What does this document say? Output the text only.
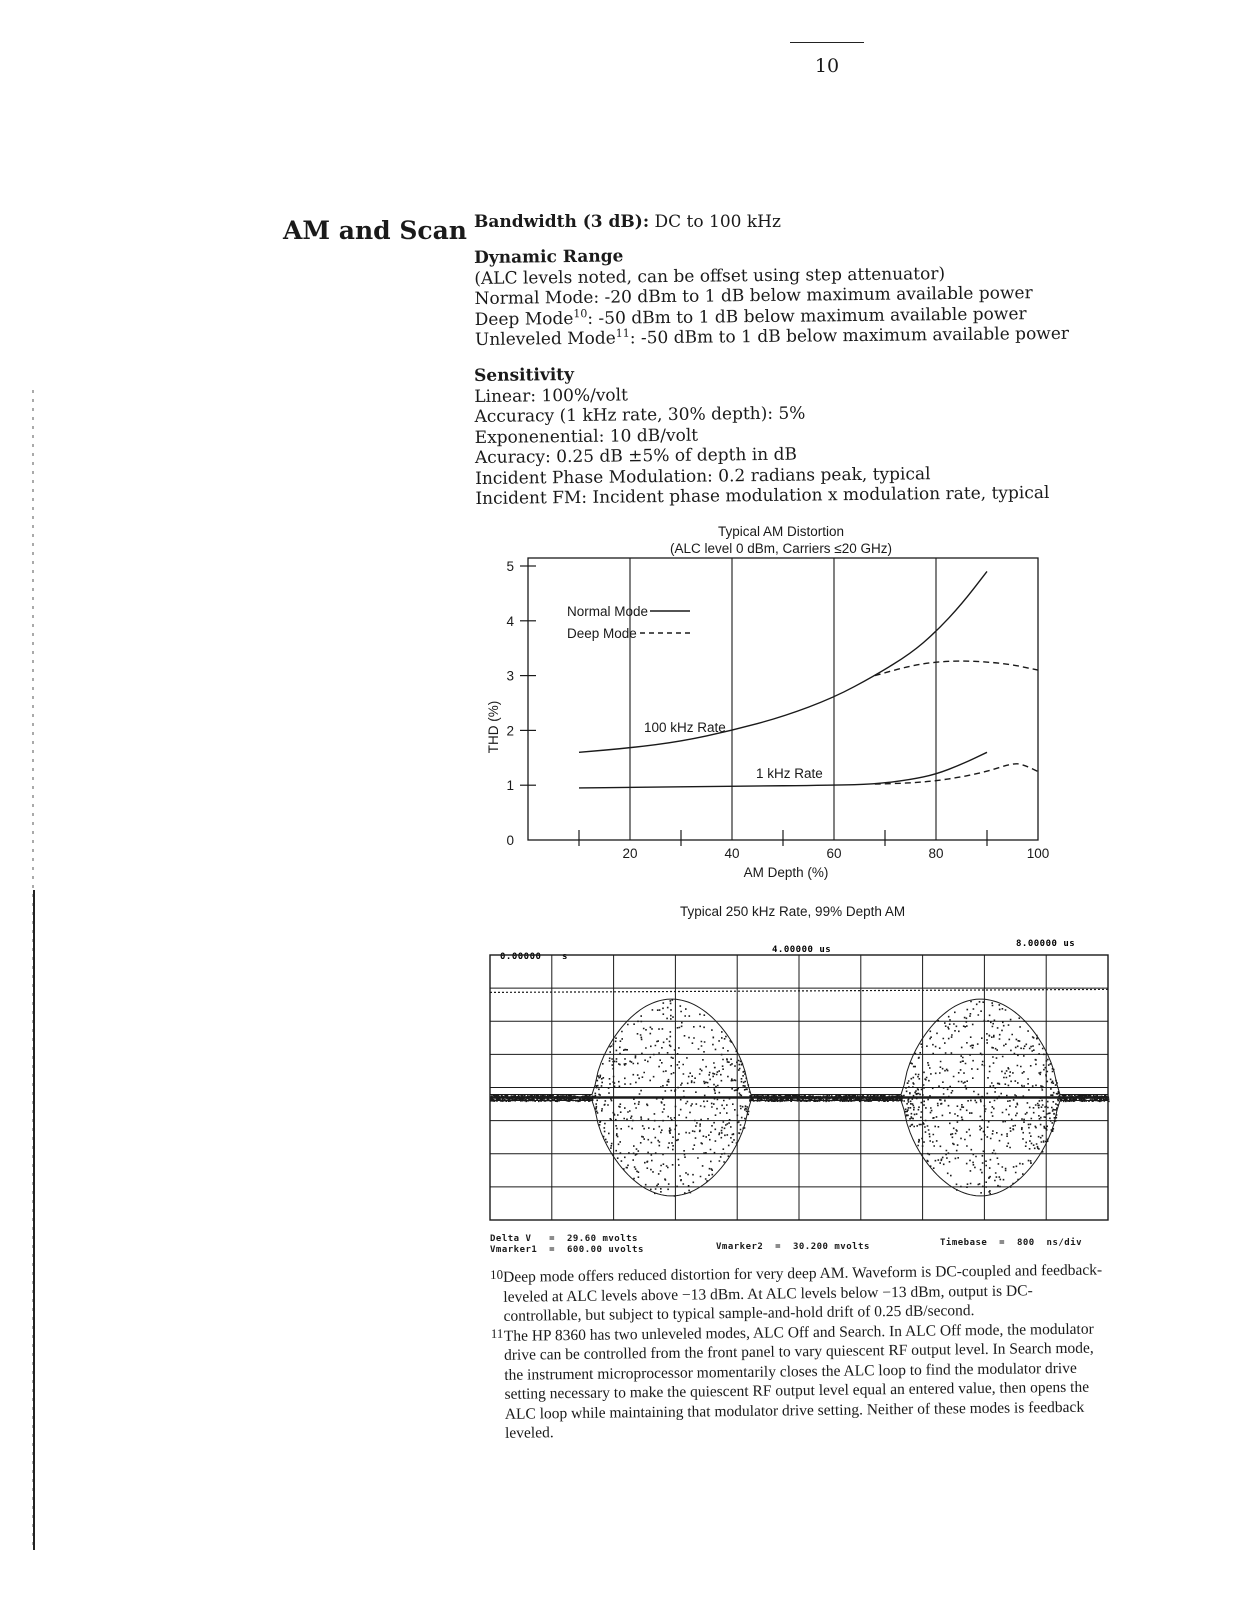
10
AM and Scan Bandwidth (3 dB): DC to 100 kHz
Dynamic Range
(ALC levels noted, can be offset using step attenuator)
Normal Mode: -20 dBm to 1 dB below maximum available power
Deep Mode$^{10}$: -50 dBm to 1 dB below maximum available power
Unleveled Mode$^{11}$: -50 dBm to 1 dB below maximum available power
Sensitivity
Linear: 100%/volt
Accuracy (1 kHz rate, 30% depth): 5%
Exponenential: 10 dB/volt
Acuracy: 0.25 dB ±5% of depth in dB
Incident Phase Modulation: 0.2 radians peak, typical
Incident FM: Incident phase modulation x modulation rate, typical
Typical AM Distortion
(ALC level 0 dBm, Carriers ≤20 GHz)
AM Depth (%)
THD (%)
Normal Mode
Deep Mode
100 kHz Rate
1 kHz Rate
20	40	60	80	100
0
1
2
3
4
5
Typical 250 kHz Rate, 99% Depth AM
0.00000 s
4.00000 us
8.00000 us
Delta V   =  29.60 mvolts
Vmarker1  =  600.00 uvolts	Vmarker2  =  30.200 mvolts	Timebase  =  800  ns/div

10 Deep mode offers reduced distortion for very deep AM. Waveform is DC-coupled and feedback-leveled at ALC levels above −13 dBm. At ALC levels below −13 dBm, output is DC-controllable, but subject to typical sample-and-hold drift of 0.25 dB/second.

11 The HP 8360 has two unleveled modes, ALC Off and Search. In ALC Off mode, the modulator drive can be controlled from the front panel to vary quiescent RF output level. In Search mode, the instrument microprocessor momentarily closes the ALC loop to find the modulator drive setting necessary to make the quiescent RF output level equal an entered value, then opens the ALC loop while maintaining that modulator drive setting. Neither of these modes is feedback leveled.
